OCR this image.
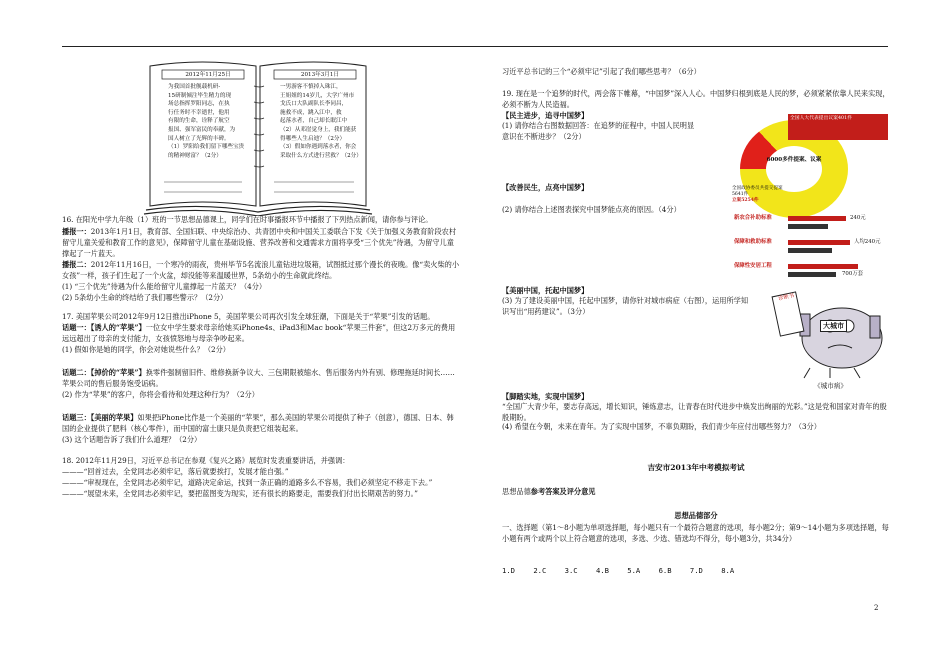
2012年11月25日
为我国首批舰载机研-
15研制倾注毕生精力的现
场总指挥罗阳同志，在执
行任务时不幸逝世，他用
有限的生命，诠释了航空
报国、强军富民的奉献，为
国人树立了光辉的丰碑。
（1）罗阳给我们留下哪些宝贵的精神财富？（2分）
2013年3月1日
一男游客不慎掉入珠江，
王姐姐的14岁儿，大学广州市
戈氏口大队副队长李同昌，
施救不成，跳入江中，救
起落水者，自己却长眠江中
（2）从邓崖觉身上，我们能获得哪些人生启迪？（2分）
（3）假如你遇到落水者，你会采取什么方式进行营救？（2分）

16. 在阳光中学九年级（1）班的一节思想品德课上，同学们在时事播报环节中播报了下列热点新闻，请你参与评论。

播报一：2013年1月1日，教育部、全国妇联、中央综治办、共青团中央和中国关工委联合下发《关于加强义务教育阶段农村留守儿童关爱和教育工作的意见》，保障留守儿童在基础设施、营养改善和交通需求方面将享受“三个优先”待遇，为留守儿童撑起了一片蓝天。

播报二：2012年11月16日，一个寒冷的雨夜，贵州毕节5名流浪儿童钻进垃圾箱，试图抵过那个漫长的夜晚。像“卖火柴的小女孩”一样，孩子们生起了一个火盆，却没能等来温暖世界，5条幼小的生命就此终结。

(1) “三个优先”待遇为什么能给留守儿童撑起一片蓝天？（4分）

(2) 5条幼小生命的终结给了我们哪些警示？（2分）

17. 美国苹果公司2012年9月12日推出iPhone 5，美国苹果公司再次引发全球狂潮，下面是关于“苹果”引发的话题。

话题一：【诱人的“苹果”】一位女中学生要求母亲给她买iPhone4s、iPad3和Mac book“苹果三件套”，但这2万多元的费用远远超出了母亲的支付能力，女孩愤怒地与母亲争吵起来。

(1) 假如你是她的同学，你会对她说些什么？（2分）

话题二：【掉价的“苹果”】换零件强制留旧件、维修换新争议大、三包期限被缩水、售后服务内外有别、修理拖延时间长……苹果公司的售后服务饱受诟病。

(2) 作为“苹果”的客户，你将会看待和处理这种行为？（2分）

话题三：【美丽的苹果】如果把iPhone比作是一个美丽的“苹果”，那么美国的苹果公司提供了种子（创意），德国、日本、韩国的企业提供了肥料（核心零件），而中国的富士康只是负责把它组装起来。

(3) 这个话题告诉了我们什么道理？（2分）

18. 2012年11月29日，习近平总书记在参观《复兴之路》展览时发表重要讲话，并强调：

———“回首过去，全党同志必须牢记，落后就要挨打，发展才能自强。”

———“审视现在，全党同志必须牢记，道路决定命运，找到一条正确的道路多么不容易，我们必须坚定不移走下去。”

———“展望未来，全党同志必须牢记，要把蓝图变为现实，还有很长的路要走，需要我们付出长期艰苦的努力。”

习近平总书记的三个“必须牢记”引起了我们哪些思考？（6分）
19. 现在是一个追梦的时代，两会落下帷幕，“中国梦”深入人心。中国梦归根到底是人民的梦，必须紧紧依靠人民来实现，必须不断为人民造福。
【民主进步，追寻中国梦】
(1) 请你结合右图数据回答：在追梦的征程中，中国人民明显意识在不断进步？（2分）
【改善民生，点亮中国梦】
(2) 请你结合上述图表探究中国梦能点亮的原因。（4分）
【美丽中国，托起中国梦】
(3) 为了建设美丽中国，托起中国梦，请你针对城市病症（右图），运用所学知识写出“用药建议”。（3分）
【脚踏实地，实现中国梦】
“全国广大青少年，要志存高远，增长知识，锤炼意志，让青春在时代进步中焕发出绚丽的光彩。”这是党和国家对青年的殷殷期盼。
(4) 希望在今朝，未来在青年。为了实现中国梦，不辜负期盼，我们青少年应付出哪些努力？（3分）
吉安市2013年中考模拟考试
思想品德参考答案及评分意见
思想品德部分
一、选择题（第1～8小题为单项选择题，每小题只有一个最符合题意的选项，每小题2分；第9～14小题为多项选择题，每小题有两个或两个以上符合题意的选项，多选、少选、错选均不得分，每小题3分，共34分）
1.D	2.C	3.C	4.B	5.A	6.B	7.D	8.A
6000多件提案、议案
全国人大代表提出议案401件
全国政协委员共提交提案5641件
立案5254件
新农合补助标准	240元
保障和救助标准	人均240元
保障性安居工程
700万套
诊断书
大城市
《城市病》
2
